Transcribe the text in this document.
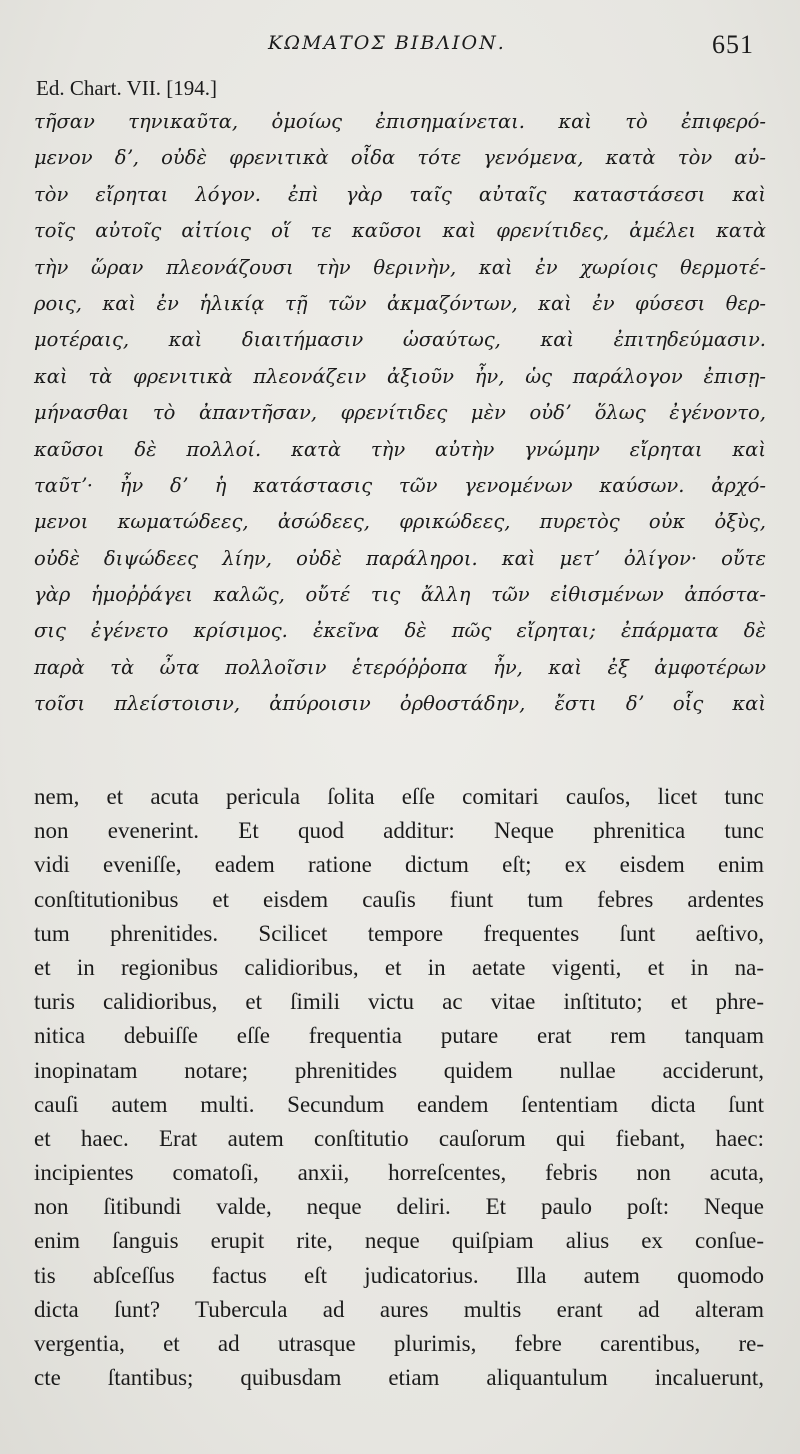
ΚΩΜΑΤΟΣ ΒΙΒΛΙΟΝ.	651
Ed. Chart. VII. [194.]
τῆσαν τηνικαῦτα, ὁμοίως ἐπισημαίνεται. καὶ τὸ ἐπιφερό-
μενον δʼ, οὐδὲ φρενιτικὰ οἶδα τότε γενόμενα, κατὰ τὸν αὐ-
τὸν εἴρηται λόγον. ἐπὶ γὰρ ταῖς αὐταῖς καταστάσεσι καὶ
τοῖς αὐτοῖς αἰτίοις οἵ τε καῦσοι καὶ φρενίτιδες, ἀμέλει κατὰ
τὴν ὥραν πλεονάζουσι τὴν θερινὴν, καὶ ἐν χωρίοις θερμοτέ-
ροις, καὶ ἐν ἡλικίᾳ τῇ τῶν ἀκμαζόντων, καὶ ἐν φύσεσι θερ-
μοτέραις, καὶ διαιτήμασιν ὡσαύτως, καὶ ἐπιτηδεύμασιν.
καὶ τὰ φρενιτικὰ πλεονάζειν ἀξιοῦν ἦν, ὡς παράλογον ἐπισῃ-
μήνασθαι τὸ ἀπαντῆσαν, φρενίτιδες μὲν οὐδʼ ὅλως ἐγένοντο,
καῦσοι δὲ πολλοί. κατὰ τὴν αὐτὴν γνώμην εἴρηται καὶ
ταῦτʼ· ἦν δʼ ἡ κατάστασις τῶν γενομένων καύσων. ἀρχό-
μενοι κωματώδεες, ἀσώδεες, φρικώδεες, πυρετὸς οὐκ ὀξὺς,
οὐδὲ διψώδεες λίην, οὐδὲ παράληροι. καὶ μετʼ ὀλίγον· οὔτε
γὰρ ἡμοῤῥάγει καλῶς, οὔτέ τις ἄλλη τῶν εἰθισμένων ἀπόστα-
σις ἐγένετο κρίσιμος. ἐκεῖνα δὲ πῶς εἴρηται; ἐπάρματα δὲ
παρὰ τὰ ὦτα πολλοῖσιν ἑτερόῤῥοπα ἦν, καὶ ἐξ ἀμφοτέρων
τοῖσι πλείστοισιν, ἀπύροισιν ὀρθοστάδην, ἔστι δʼ οἷς καὶ
nem, et acuta pericula ſolita eſſe comitari cauſos, licet tunc
non evenerint. Et quod additur: Neque phrenitica tunc
vidi eveniſſe, eadem ratione dictum eſt; ex eisdem enim
conſtitutionibus et eisdem cauſis fiunt tum febres ardentes
tum phrenitides. Scilicet tempore frequentes ſunt aeſtivo,
et in regionibus calidioribus, et in aetate vigenti, et in na-
turis calidioribus, et ſimili victu ac vitae inſtituto; et phre-
nitica debuiſſe eſſe frequentia putare erat rem tanquam
inopinatam notare; phrenitides quidem nullae acciderunt,
cauſi autem multi. Secundum eandem ſententiam dicta ſunt
et haec. Erat autem conſtitutio cauſorum qui fiebant, haec:
incipientes comatoſi, anxii, horreſcentes, febris non acuta,
non ſitibundi valde, neque deliri. Et paulo poſt: Neque
enim ſanguis erupit rite, neque quiſpiam alius ex conſue-
tis abſceſſus factus eſt judicatorius. Illa autem quomodo
dicta ſunt? Tubercula ad aures multis erant ad alteram
vergentia, et ad utrasque plurimis, febre carentibus, re-
cte ſtantibus; quibusdam etiam aliquantulum incaluerunt,
